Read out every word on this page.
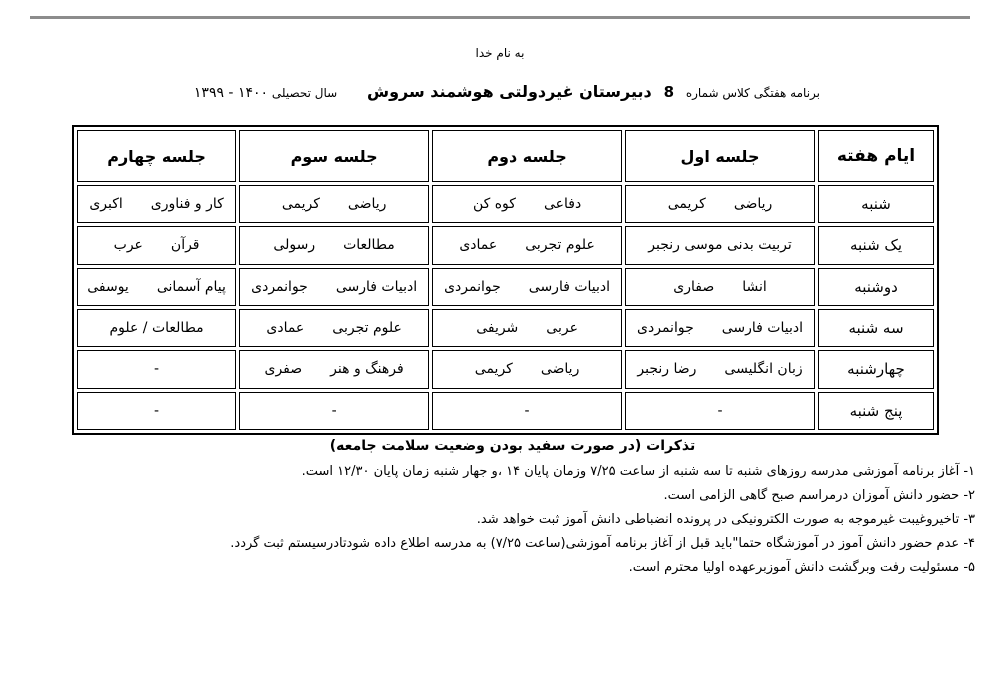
به نام خدا
برنامه هفتگی کلاس شماره 8 دبیرستان غیردولتی هوشمند سروش سال تحصیلی ۱۴۰۰ - ۱۳۹۹
ایام هفته	جلسه اول	جلسه دوم	جلسه سوم	جلسه چهارم
شنبه	ریاضیکریمی	دفاعیکوه کن	ریاضیکریمی	کار و فناوریاکبری
یک شنبه	تربیت بدنی موسی رنجبر	علوم تجربیعمادی	مطالعاترسولی	قرآنعرب
دوشنبه	انشاصفاری	ادبیات فارسیجوانمردی	ادبیات فارسیجوانمردی	پیام آسمانییوسفی
سه شنبه	ادبیات فارسیجوانمردی	عربیشریفی	علوم تجربیعمادی	مطالعات / علوم
چهارشنبه	زبان انگلیسیرضا رنجبر	ریاضیکریمی	فرهنگ و هنرصفری	-
پنج شنبه	-	-	-	-
تذکرات (در صورت سفید بودن وضعیت سلامت جامعه)
۱- آغاز برنامه آموزشی مدرسه روزهای شنبه تا سه شنبه از ساعت ۷/۲۵ وزمان پایان ۱۴ ،و جهار شنبه زمان پایان ۱۲/۳۰ است.
۲- حضور دانش آموزان درمراسم صبح گاهی الزامی است.
۳- تاخیروغیبت غیرموجه به صورت الکترونیکی در پرونده انضباطی دانش آموز ثبت خواهد شد.
۴- عدم حضور دانش آموز در آموزشگاه حتما"باید قبل از آغاز برنامه آموزشی(ساعت ۷/۲۵) به مدرسه اطلاع داده شودتادرسیستم ثبت گردد.
۵- مسئولیت رفت وبرگشت دانش آموزبرعهده اولیا محترم است.
